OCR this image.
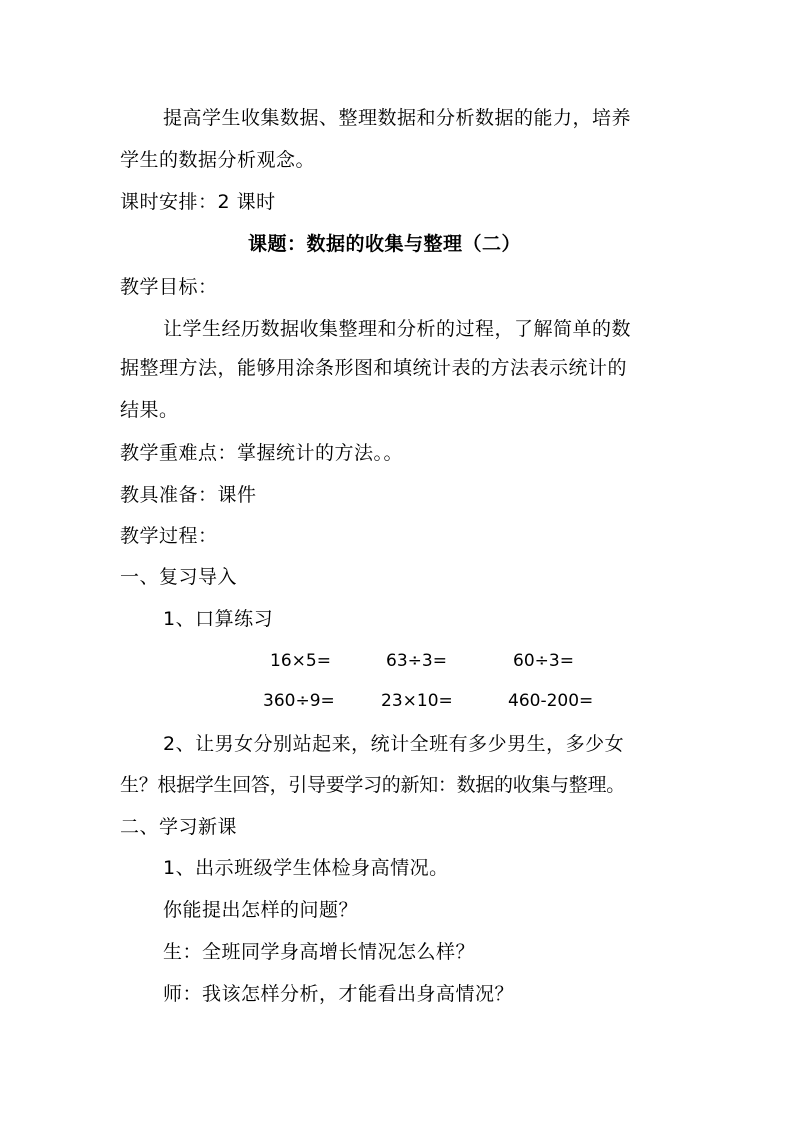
提高学生收集数据、整理数据和分析数据的能力，培养
学生的数据分析观念。
课时安排：2 课时
课题：数据的收集与整理（二）
教学目标：
让学生经历数据收集整理和分析的过程，了解简单的数
据整理方法，能够用涂条形图和填统计表的方法表示统计的
结果。
教学重难点：掌握统计的方法。。
教具准备：课件
教学过程：
一、复习导入
1、口算练习
16×5=	63÷3=	60÷3=
360÷9=	23×10=	460-200=
2、让男女分别站起来，统计全班有多少男生，多少女
生？根据学生回答，引导要学习的新知：数据的收集与整理。
二、学习新课
1、出示班级学生体检身高情况。
你能提出怎样的问题？
生：全班同学身高增长情况怎么样？
师：我该怎样分析，才能看出身高情况？
